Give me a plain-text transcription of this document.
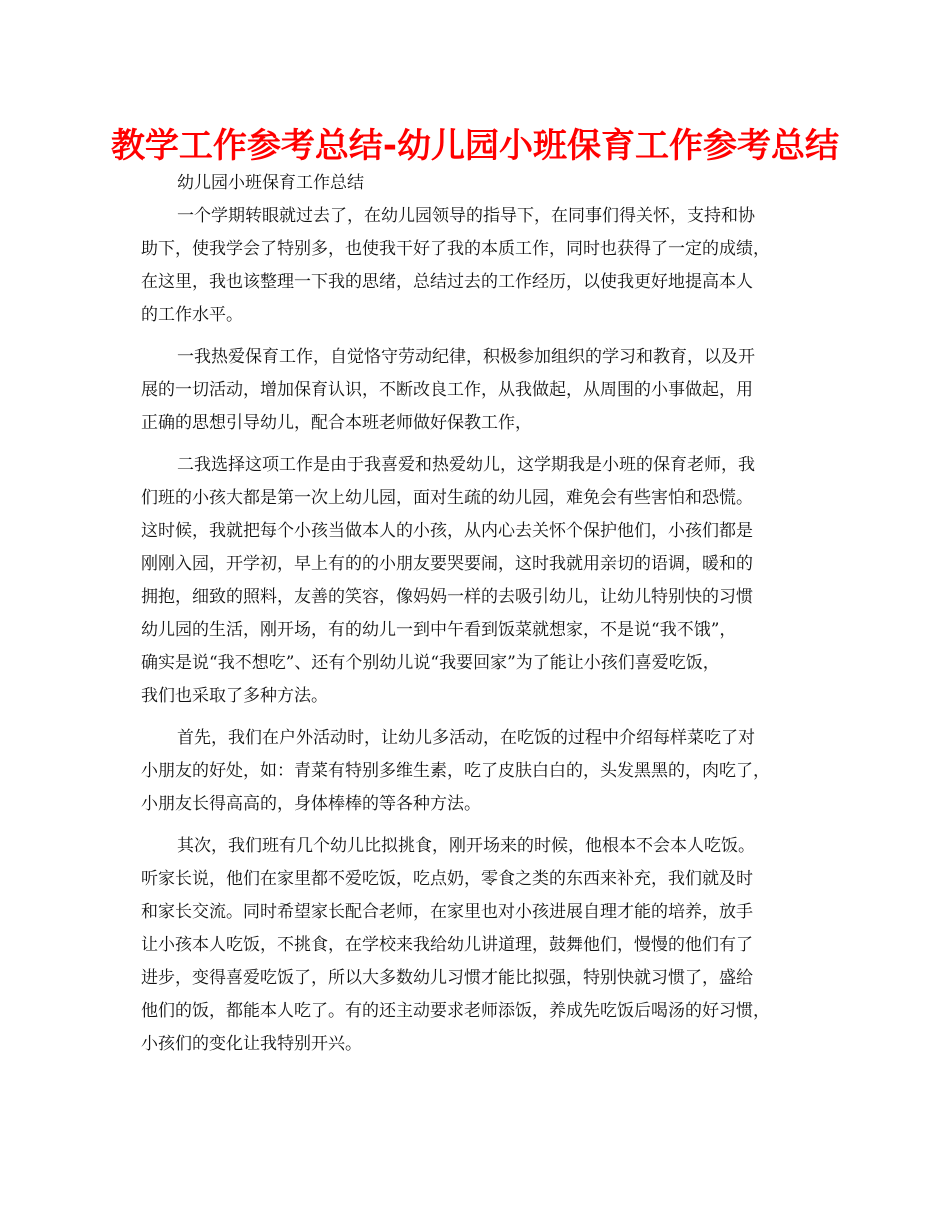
教学工作参考总结-幼儿园小班保育工作参考总结
幼儿园小班保育工作总结
一个学期转眼就过去了，在幼儿园领导的指导下，在同事们得关怀，支持和协
助下，使我学会了特别多，也使我干好了我的本质工作，同时也获得了一定的成绩，
在这里，我也该整理一下我的思绪，总结过去的工作经历，以使我更好地提高本人
的工作水平。
一我热爱保育工作，自觉恪守劳动纪律，积极参加组织的学习和教育，以及开
展的一切活动，增加保育认识，不断改良工作，从我做起，从周围的小事做起，用
正确的思想引导幼儿，配合本班老师做好保教工作，
二我选择这项工作是由于我喜爱和热爱幼儿，这学期我是小班的保育老师，我
们班的小孩大都是第一次上幼儿园，面对生疏的幼儿园，难免会有些害怕和恐慌。
这时候，我就把每个小孩当做本人的小孩，从内心去关怀个保护他们，小孩们都是
刚刚入园，开学初，早上有的的小朋友要哭要闹，这时我就用亲切的语调，暖和的
拥抱，细致的照料，友善的笑容，像妈妈一样的去吸引幼儿，让幼儿特别快的习惯
幼儿园的生活，刚开场，有的幼儿一到中午看到饭菜就想家，不是说“我不饿”，
确实是说“我不想吃”、还有个别幼儿说“我要回家”为了能让小孩们喜爱吃饭，
我们也采取了多种方法。
首先，我们在户外活动时，让幼儿多活动，在吃饭的过程中介绍每样菜吃了对
小朋友的好处，如：青菜有特别多维生素，吃了皮肤白白的，头发黑黑的，肉吃了，
小朋友长得高高的，身体棒棒的等各种方法。
其次，我们班有几个幼儿比拟挑食，刚开场来的时候，他根本不会本人吃饭。
听家长说，他们在家里都不爱吃饭，吃点奶，零食之类的东西来补充，我们就及时
和家长交流。同时希望家长配合老师，在家里也对小孩进展自理才能的培养，放手
让小孩本人吃饭，不挑食，在学校来我给幼儿讲道理，鼓舞他们，慢慢的他们有了
进步，变得喜爱吃饭了，所以大多数幼儿习惯才能比拟强，特别快就习惯了，盛给
他们的饭，都能本人吃了。有的还主动要求老师添饭，养成先吃饭后喝汤的好习惯，
小孩们的变化让我特别开兴。
